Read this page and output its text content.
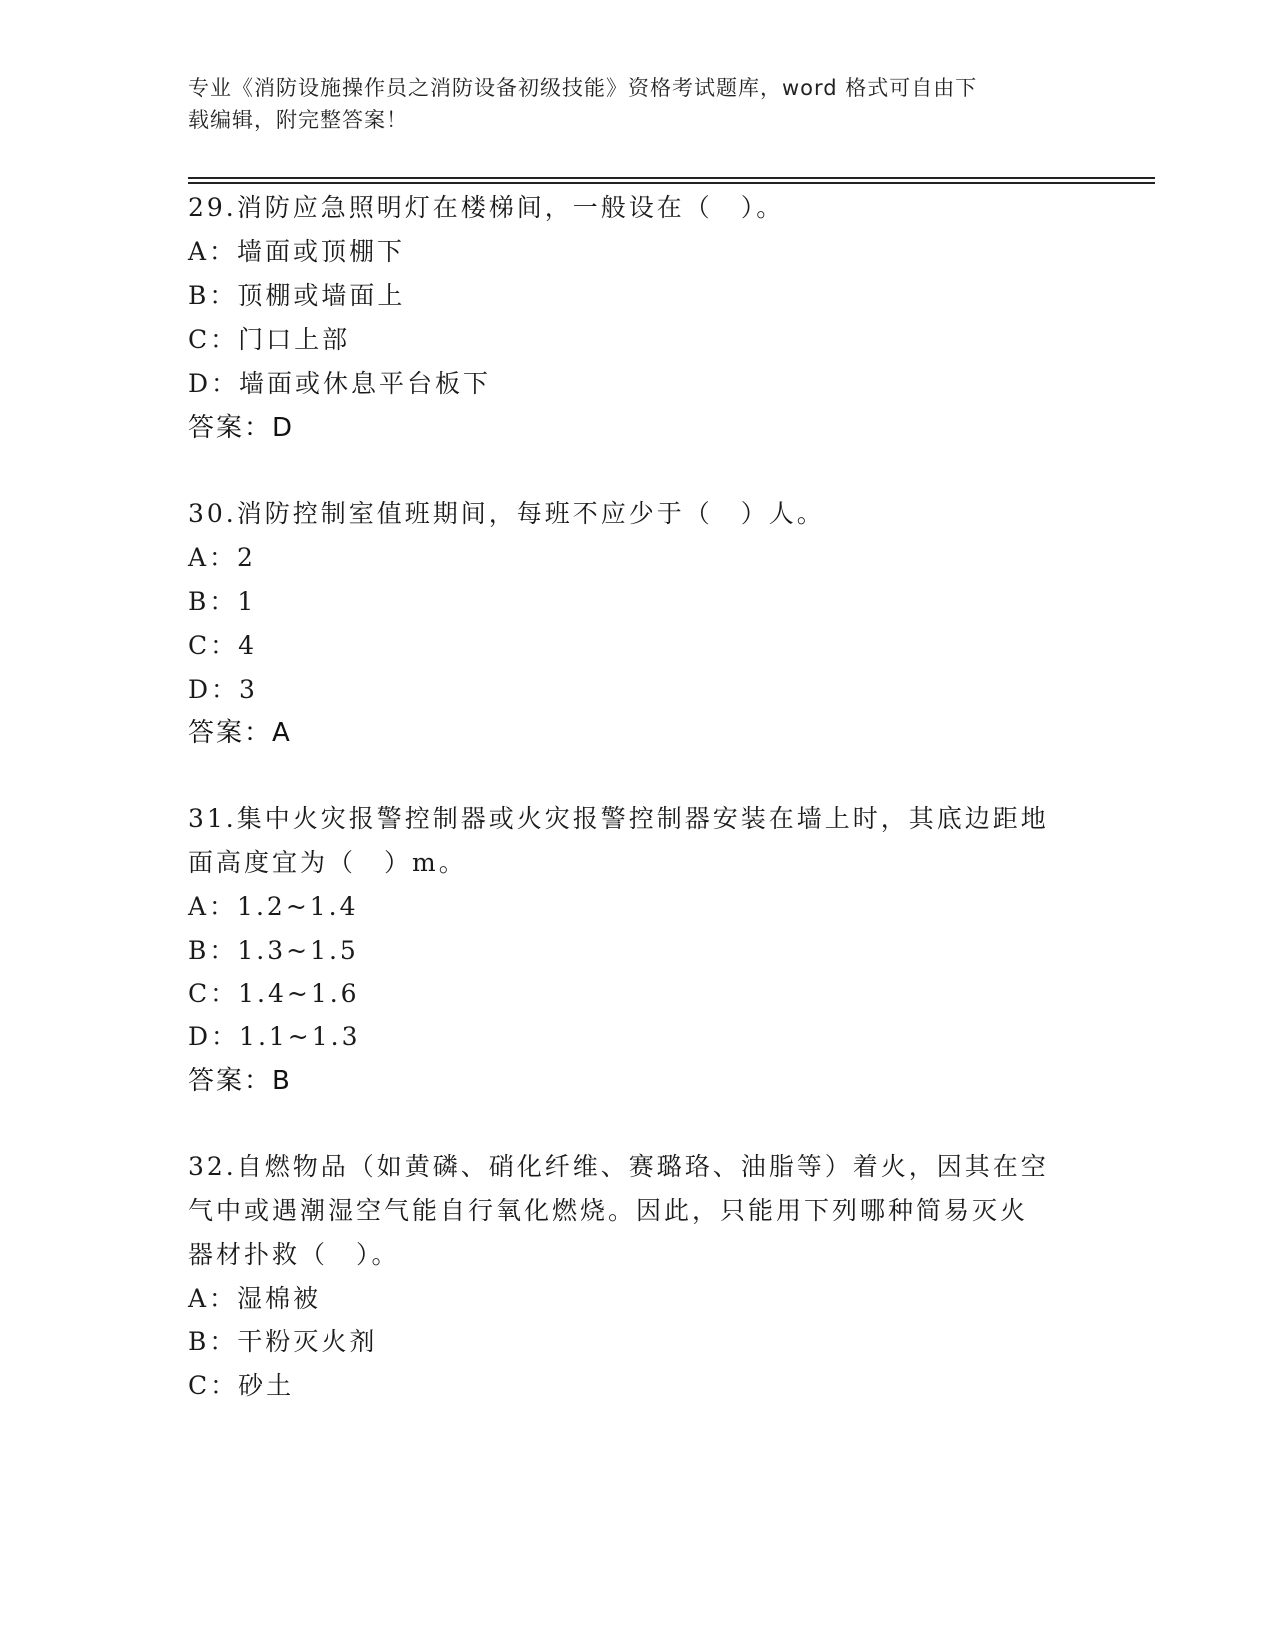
专业《消防设施操作员之消防设备初级技能》资格考试题库，word 格式可自由下
载编辑，附完整答案！
29.消防应急照明灯在楼梯间，一般设在（　）。
A：墙面或顶棚下
B：顶棚或墙面上
C：门口上部
D：墙面或休息平台板下
答案：D
30.消防控制室值班期间，每班不应少于（　）人。
A：2
B：1
C：4
D：3
答案：A
31.集中火灾报警控制器或火灾报警控制器安装在墙上时，其底边距地
面高度宜为（　）m。
A：1.2~1.4
B：1.3~1.5
C：1.4~1.6
D：1.1~1.3
答案：B
32.自燃物品（如黄磷、硝化纤维、赛璐珞、油脂等）着火，因其在空
气中或遇潮湿空气能自行氧化燃烧。因此，只能用下列哪种简易灭火
器材扑救（　）。
A：湿棉被
B：干粉灭火剂
C：砂土
